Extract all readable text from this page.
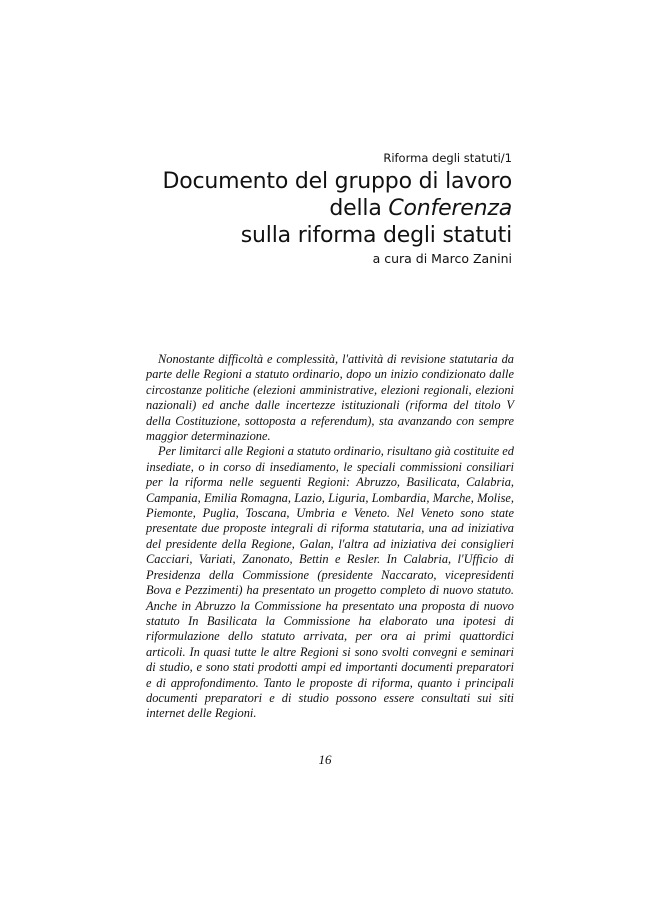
Riforma degli statuti/1
Documento del gruppo di lavoro
della Conferenza
sulla riforma degli statuti
a cura di Marco Zanini

Nonostante difficoltà e complessità, l'attività di revisione statutaria da parte delle Regioni a statuto ordinario, dopo un inizio condizionato dalle circostanze politiche (elezioni amministrative, elezioni regionali, elezioni nazionali) ed anche dalle incertezze istituzionali (riforma del titolo V della Costituzione, sottoposta a referendum), sta avanzando con sempre maggior determinazione.

Per limitarci alle Regioni a statuto ordinario, risultano già costituite ed insediate, o in corso di insediamento, le speciali commissioni consiliari per la riforma nelle seguenti Regioni: Abruzzo, Basilicata, Calabria, Campania, Emilia Romagna, Lazio, Liguria, Lombardia, Marche, Molise, Piemonte, Puglia, Toscana, Umbria e Veneto. Nel Veneto sono state presentate due proposte integrali di riforma statutaria, una ad iniziativa del presidente della Regione, Galan, l'altra ad iniziativa dei consiglieri Cacciari, Variati, Zanonato, Bettin e Resler. In Calabria, l'Ufficio di Presidenza della Commissione (presidente Naccarato, vicepresidenti Bova e Pezzimenti) ha presentato un progetto completo di nuovo statuto. Anche in Abruzzo la Commissione ha presentato una proposta di nuovo statuto In Basilicata la Commissione ha elaborato una ipotesi di riformulazione dello statuto arrivata, per ora ai primi quattordici articoli. In quasi tutte le altre Regioni si sono svolti convegni e seminari di studio, e sono stati prodotti ampi ed importanti documenti preparatori e di approfondimento. Tanto le proposte di riforma, quanto i principali documenti preparatori e di studio possono essere consultati sui siti internet delle Regioni.

16
